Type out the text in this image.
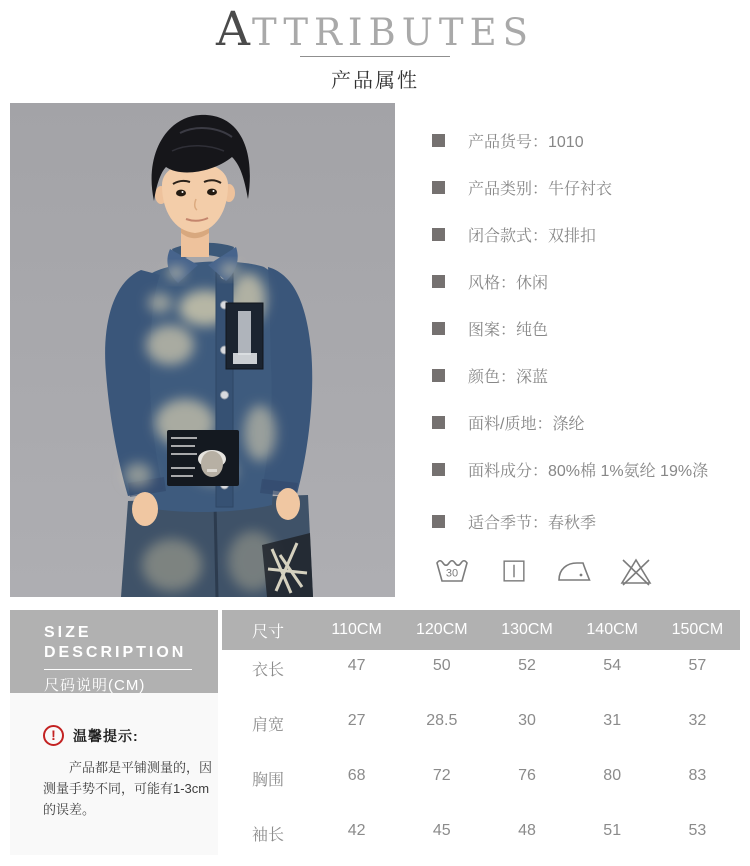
ATTRIBUTES
产品属性
产品货号：1010
产品类别：牛仔衬衣
闭合款式：双排扣
风格：休闲
图案：纯色
颜色：深蓝
面料/质地：涤纶
面料成分：80%棉 1%氨纶 19%涤
适合季节：春秋季
30
SIZE
DESCRIPTION
尺码说明(CM)
!	温馨提示:

产品都是平铺测量的，因测量手势不同，可能有1-3cm的误差。

尺寸	110CM	120CM	130CM	140CM	150CM
衣长	47	50	52	54	57
肩宽	27	28.5	30	31	32
胸围	68	72	76	80	83
袖长	42	45	48	51	53
